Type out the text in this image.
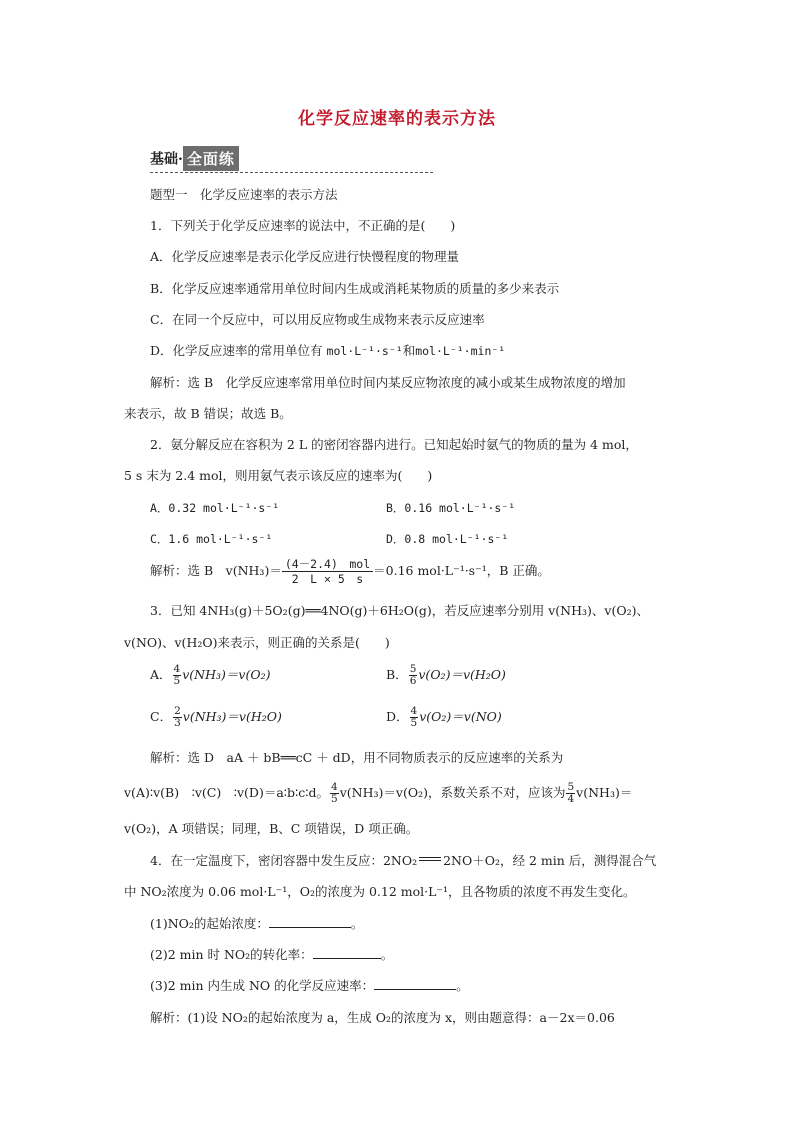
化学反应速率的表示方法
基础· 全面练
题型一　化学反应速率的表示方法
1．下列关于化学反应速率的说法中，不正确的是(　　)
A．化学反应速率是表示化学反应进行快慢程度的物理量
B．化学反应速率通常用单位时间内生成或消耗某物质的质量的多少来表示
C．在同一个反应中，可以用反应物或生成物来表示反应速率
D．化学反应速率的常用单位有 mol·L⁻¹·s⁻¹和mol·L⁻¹·min⁻¹
解析：选 B　化学反应速率常用单位时间内某反应物浓度的减小或某生成物浓度的增加
来表示，故 B 错误；故选 B。
2．氨分解反应在容积为 2 L 的密闭容器内进行。已知起始时氨气的物质的量为 4 mol，
5 s 末为 2.4 mol，则用氨气表示该反应的速率为(　　)
A．0.32 mol·L⁻¹·s⁻¹	B．0.16 mol·L⁻¹·s⁻¹
C．1.6 mol·L⁻¹·s⁻¹	D．0.8 mol·L⁻¹·s⁻¹
解析：选 B　$v(NH_3)= \frac{\text{(4－2.4)　mol}}{2 L \times 5 s} =0.16$ mol·L⁻¹·s⁻¹，B 正确。
3．已知 4NH₃(g)＋5O₂(g)══4NO(g)＋6H₂O(g)，若反应速率分别用 v(NH₃)、v(O₂)、
v(NO)、v(H₂O)来表示，则正确的关系是(　　)
A． $\frac{4}{5} v(NH_3)=v(O_2)$	B． $\frac{5}{6} v(O_2)=v(H_2O)$
C． $\frac{2}{3} v(NH_3)=v(H_2O)$	D． $\frac{4}{5} v(O_2)=v(NO)$
解析：选 D　aA ＋ bB══cC ＋ dD，用不同物质表示的反应速率的关系为
v(A)∶v(B)　∶v(C)　∶v(D)＝a∶b∶c∶d。 $\frac{4}{5} v(NH_3)=v(O_2)$，系数关系不对，应该为 $\frac{5}{4} v(NH_3)=$
v(O₂)，A 项错误；同理，B、C 项错误，D 项正确。
4．在一定温度下，密闭容器中发生反应：2NO₂ 2NO＋O₂，经 2 min 后，测得混合气
中 NO₂浓度为 0.06 mol·L⁻¹，O₂的浓度为 0.12 mol·L⁻¹，且各物质的浓度不再发生变化。
(1)NO₂的起始浓度：	。
(2)2 min 时 NO₂的转化率：	。
(3)2 min 内生成 NO 的化学反应速率：	。
解析：(1)设 NO₂的起始浓度为 a，生成 O₂的浓度为 x，则由题意得：a－2x＝0.06
